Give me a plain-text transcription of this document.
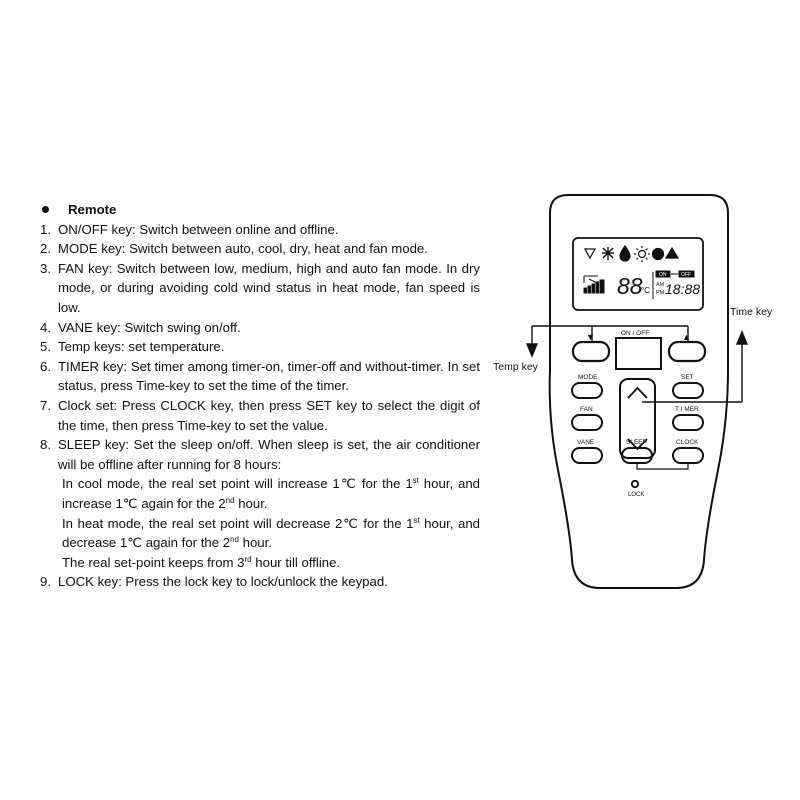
Remote
1. ON/OFF key: Switch between online and offline.
2. MODE key: Switch between auto, cool, dry, heat and fan mode.
3. FAN key: Switch between low, medium, high and auto fan mode. In dry mode, or during avoiding cold wind status in heat mode, fan speed is low.
4. VANE key: Switch swing on/off.
5. Temp keys: set temperature.
6. TIMER key: Set timer among timer-on, timer-off and without-timer. In set status, press Time-key to set the time of the timer.
7. Clock set: Press CLOCK key, then press SET key to select the digit of the time, then press Time-key to set the value.
8. SLEEP key: Set the sleep on/off. When sleep is set, the air conditioner will be offline after running for 8 hours:
In cool mode, the real set point will increase 1℃ for the 1st hour, and increase 1℃ again for the 2nd hour.
In heat mode, the real set point will decrease 2℃ for the 1st hour, and decrease 1℃ again for the 2nd hour.
The real set-point keeps from 3rd hour till offline.
9. LOCK key: Press the lock key to lock/unlock the keypad.
88
°C
ON	OFF
AM
PM 18:88
▼	▲
ON / OFF
MODE	SET
FAN	T I MER
VANE	SLEEP	CLOCK
LOCK
Temp key
Time key
